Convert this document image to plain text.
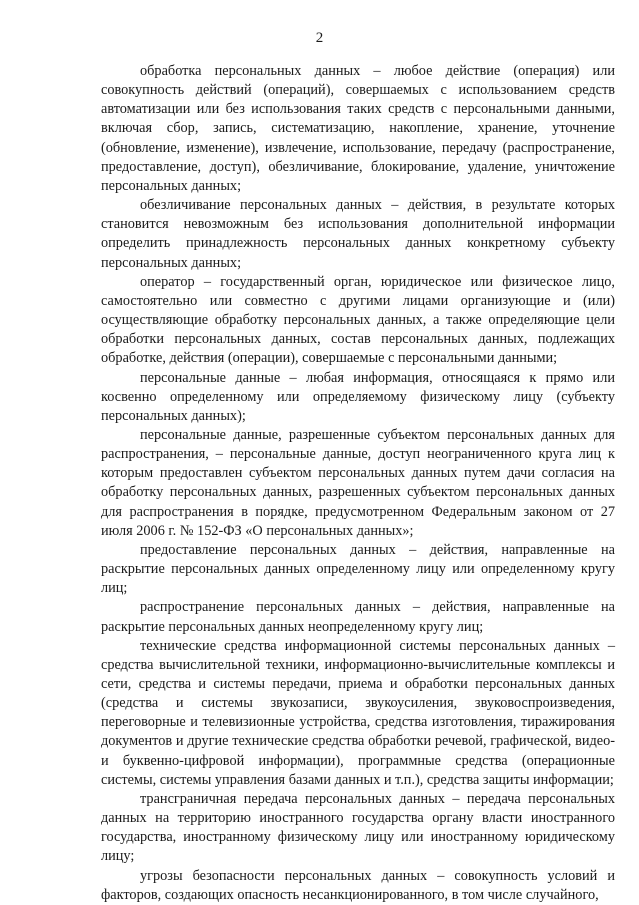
2

обработка персональных данных – любое действие (операция) или совокупность действий (операций), совершаемых с использованием средств автоматизации или без использования таких средств с персональными данными, включая сбор, запись, систематизацию, накопление, хранение, уточнение (обновление, изменение), извлечение, использование, передачу (распространение, предоставление, доступ), обезличивание, блокирование, удаление, уничтожение персональных данных;

обезличивание персональных данных – действия, в результате которых становится невозможным без использования дополнительной информации определить принадлежность персональных данных конкретному субъекту персональных данных;

оператор – государственный орган, юридическое или физическое лицо, самостоятельно или совместно с другими лицами организующие и (или) осуществляющие обработку персональных данных, а также определяющие цели обработки персональных данных, состав персональных данных, подлежащих обработке, действия (операции), совершаемые с персональными данными;

персональные данные – любая информация, относящаяся к прямо или косвенно определенному или определяемому физическому лицу (субъекту персональных данных);

персональные данные, разрешенные субъектом персональных данных для распространения, – персональные данные, доступ неограниченного круга лиц к которым предоставлен субъектом персональных данных путем дачи согласия на обработку персональных данных, разрешенных субъектом персональных данных для распространения в порядке, предусмотренном Федеральным законом от 27 июля 2006 г. № 152-ФЗ «О персональных данных»;

предоставление персональных данных – действия, направленные на раскрытие персональных данных определенному лицу или определенному кругу лиц;

распространение персональных данных – действия, направленные на раскрытие персональных данных неопределенному кругу лиц;

технические средства информационной системы персональных данных – средства вычислительной техники, информационно-вычислительные комплексы и сети, средства и системы передачи, приема и обработки персональных данных (средства и системы звукозаписи, звукоусиления, звуковоспроизведения, переговорные и телевизионные устройства, средства изготовления, тиражирования документов и другие технические средства обработки речевой, графической, видео- и буквенно-цифровой информации), программные средства (операционные системы, системы управления базами данных и т.п.), средства защиты информации;

трансграничная передача персональных данных – передача персональных данных на территорию иностранного государства органу власти иностранного государства, иностранному физическому лицу или иностранному юридическому лицу;

угрозы безопасности персональных данных – совокупность условий и факторов, создающих опасность несанкционированного, в том числе случайного,
